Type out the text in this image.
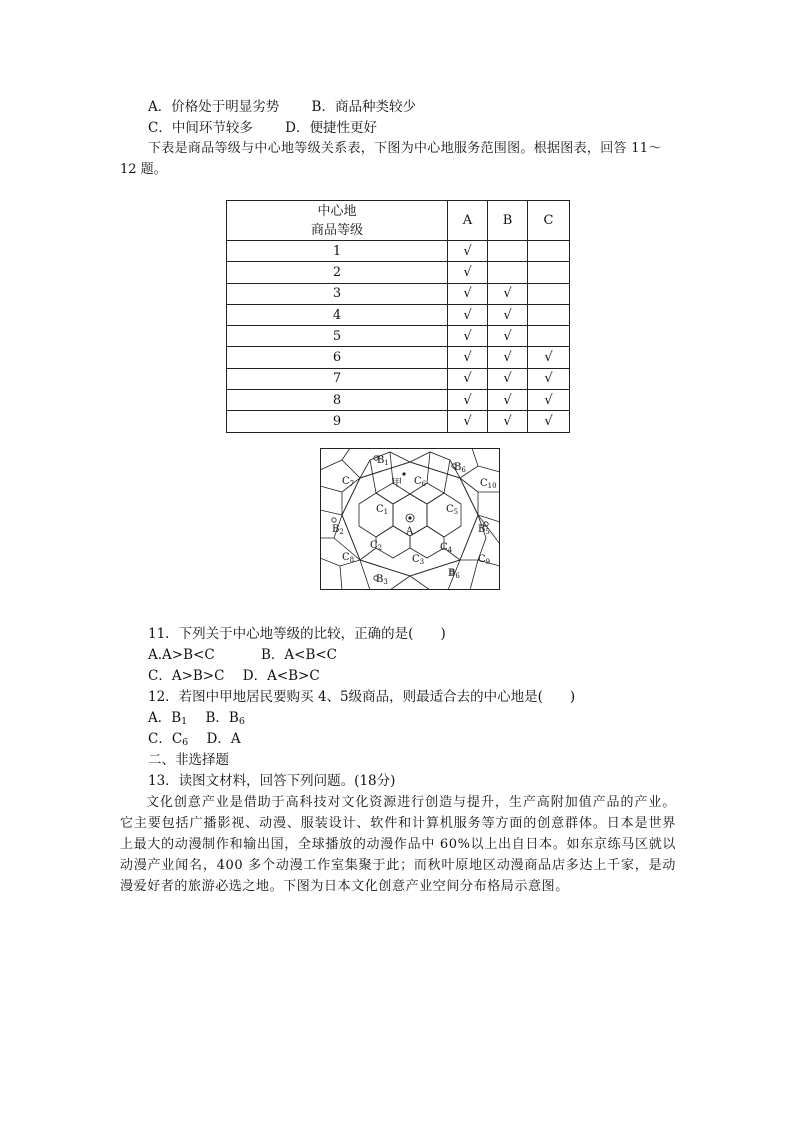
A．价格处于明显劣势 B．商品种类较少
C．中间环节较多 D．便捷性更好
下表是商品等级与中心地等级关系表，下图为中心地服务范围图。根据图表，回答 11～
12 题。
中心地
商品等级	A	B	C
1	√		
2	√		
3	√	√	
4	√	√	
5	√	√	
6	√	√	√
7	√	√	√
8	√	√	√
9	√	√	√
A
甲
$B_1$	$B_6$
$B_2$	$B_5$
$B_3$
$B_6$
$C_7$	$C_6$	$C_{10}$
$C_1$	$C_5$
$C_2$	$C_4$
$C_8$	$C_3$	$C_9$
11．下列关于中心地等级的比较，正确的是(　　)
A.A>B<C	B．A<B<C
C．A>B>C D．A<B>C
12．若图中甲地居民要购买 4、5级商品，则最适合去的中心地是(　　)
A．$B_1$ B．$B_6$
C．$C_6$ D．A
二、非选择题
13．读图文材料，回答下列问题。(18分)
文化创意产业是借助于高科技对文化资源进行创造与提升，生产高附加值产品的产业。它主要包括广播影视、动漫、服装设计、软件和计算机服务等方面的创意群体。日本是世界上最大的动漫制作和输出国，全球播放的动漫作品中 60%以上出自日本。如东京练马区就以动漫产业闻名，400 多个动漫工作室集聚于此；而秋叶原地区动漫商品店多达上千家，是动漫爱好者的旅游必选之地。下图为日本文化创意产业空间分布格局示意图。
